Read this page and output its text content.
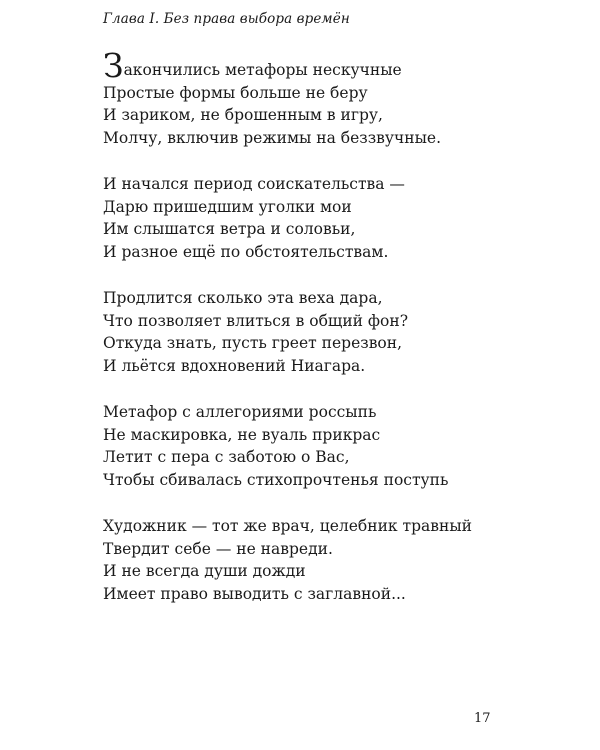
Глава I. Без права выбора времён
Закончились метафоры нескучные
Простые формы больше не беру
И зариком, не брошенным в игру,
Молчу, включив режимы на беззвучные.
И начался период соискательства —
Дарю пришедшим уголки мои
Им слышатся ветра и соловьи,
И разное ещё по обстоятельствам.
Продлится сколько эта веха дара,
Что позволяет влиться в общий фон?
Откуда знать, пусть греет перезвон,
И льётся вдохновений Ниагара.
Метафор с аллегориями россыпь
Не маскировка, не вуаль прикрас
Летит с пера с заботою о Вас,
Чтобы сбивалась стихопрочтенья поступь
Художник — тот же врач, целебник травный
Твердит себе — не навреди.
И не всегда души дожди
Имеет право выводить с заглавной...
17
